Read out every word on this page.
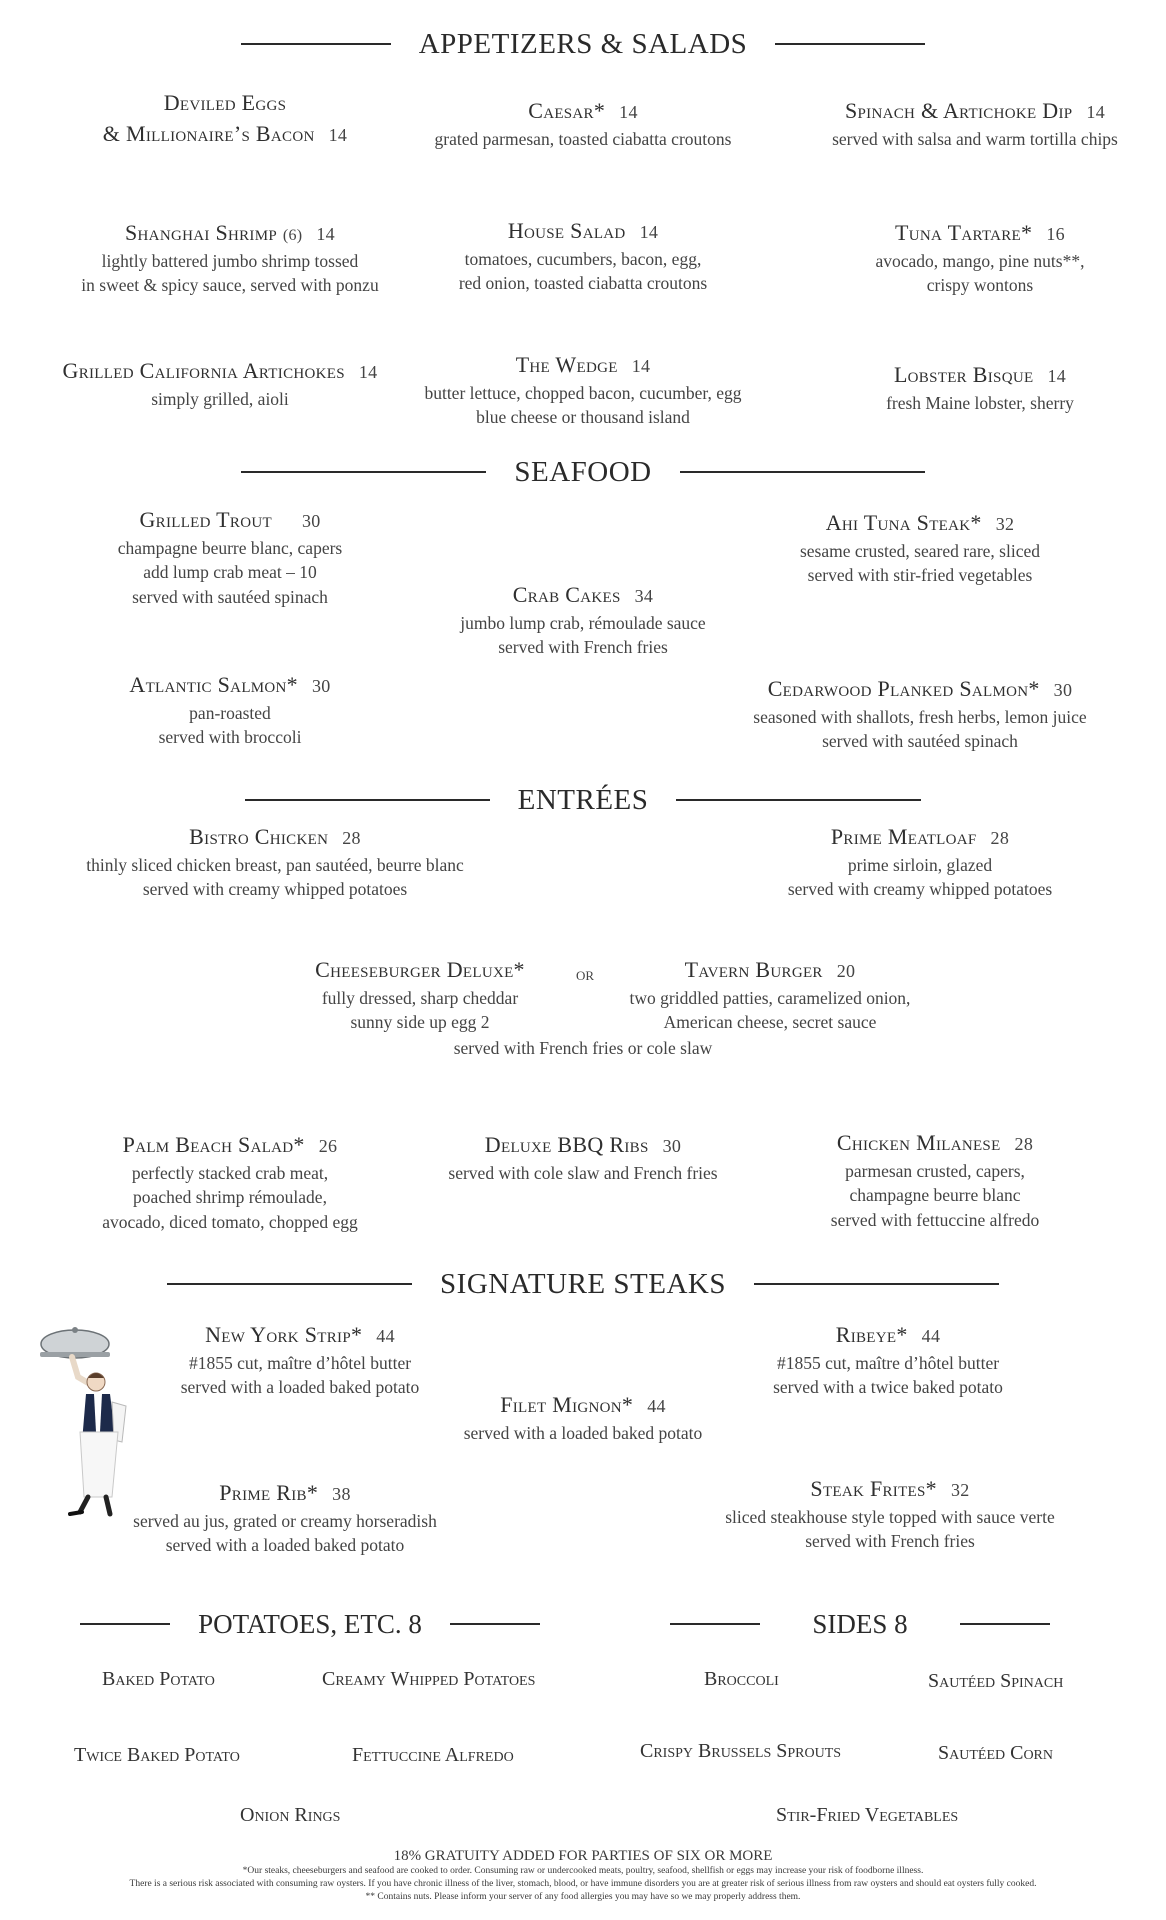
APPETIZERS & SALADS
Deviled Eggs
& Millionaire’s Bacon 14
Caesar* 14
grated parmesan, toasted ciabatta croutons
Spinach & Artichoke Dip 14
served with salsa and warm tortilla chips
Shanghai Shrimp (6) 14
lightly battered jumbo shrimp tossed
in sweet & spicy sauce, served with ponzu
House Salad 14
tomatoes, cucumbers, bacon, egg,
red onion, toasted ciabatta croutons
Tuna Tartare* 16
avocado, mango, pine nuts**,
crispy wontons
Grilled California Artichokes 14
simply grilled, aioli
The Wedge 14
butter lettuce, chopped bacon, cucumber, egg
blue cheese or thousand island
Lobster Bisque 14
fresh Maine lobster, sherry
SEAFOOD
Grilled Trout 30
champagne beurre blanc, capers
add lump crab meat – 10
served with sautéed spinach
Ahi Tuna Steak* 32
sesame crusted, seared rare, sliced
served with stir-fried vegetables
Crab Cakes 34
jumbo lump crab, rémoulade sauce
served with French fries
Atlantic Salmon* 30
pan-roasted
served with broccoli
Cedarwood Planked Salmon* 30
seasoned with shallots, fresh herbs, lemon juice
served with sautéed spinach
ENTRÉES
Bistro Chicken 28
thinly sliced chicken breast, pan sautéed, beurre blanc
served with creamy whipped potatoes
Prime Meatloaf 28
prime sirloin, glazed
served with creamy whipped potatoes
Cheeseburger Deluxe*
fully dressed, sharp cheddar
sunny side up egg 2
or	Tavern Burger 20
two griddled patties, caramelized onion,
American cheese, secret sauce
served with French fries or cole slaw
Palm Beach Salad* 26
perfectly stacked crab meat,
poached shrimp rémoulade,
avocado, diced tomato, chopped egg
Deluxe BBQ Ribs 30
served with cole slaw and French fries
Chicken Milanese 28
parmesan crusted, capers,
champagne beurre blanc
served with fettuccine alfredo
SIGNATURE STEAKS
New York Strip* 44
#1855 cut, maître d’hôtel butter
served with a loaded baked potato
Ribeye* 44
#1855 cut, maître d’hôtel butter
served with a twice baked potato
Filet Mignon* 44
served with a loaded baked potato
Prime Rib* 38
served au jus, grated or creamy horseradish
served with a loaded baked potato
Steak Frites* 32
sliced steakhouse style topped with sauce verte
served with French fries
POTATOES, ETC. 8	SIDES 8
Baked Potato	Creamy Whipped Potatoes
Twice Baked Potato	Fettuccine Alfredo
Onion Rings
Broccoli	Sautéed Spinach
Crispy Brussels Sprouts	Sautéed Corn
Stir-Fried Vegetables
18% GRATUITY ADDED FOR PARTIES OF SIX OR MORE
*Our steaks, cheeseburgers and seafood are cooked to order. Consuming raw or undercooked meats, poultry, seafood, shellfish or eggs may increase your risk of foodborne illness.
There is a serious risk associated with consuming raw oysters. If you have chronic illness of the liver, stomach, blood, or have immune disorders you are at greater risk of serious illness from raw oysters and should eat oysters fully cooked.
** Contains nuts. Please inform your server of any food allergies you may have so we may properly address them.
